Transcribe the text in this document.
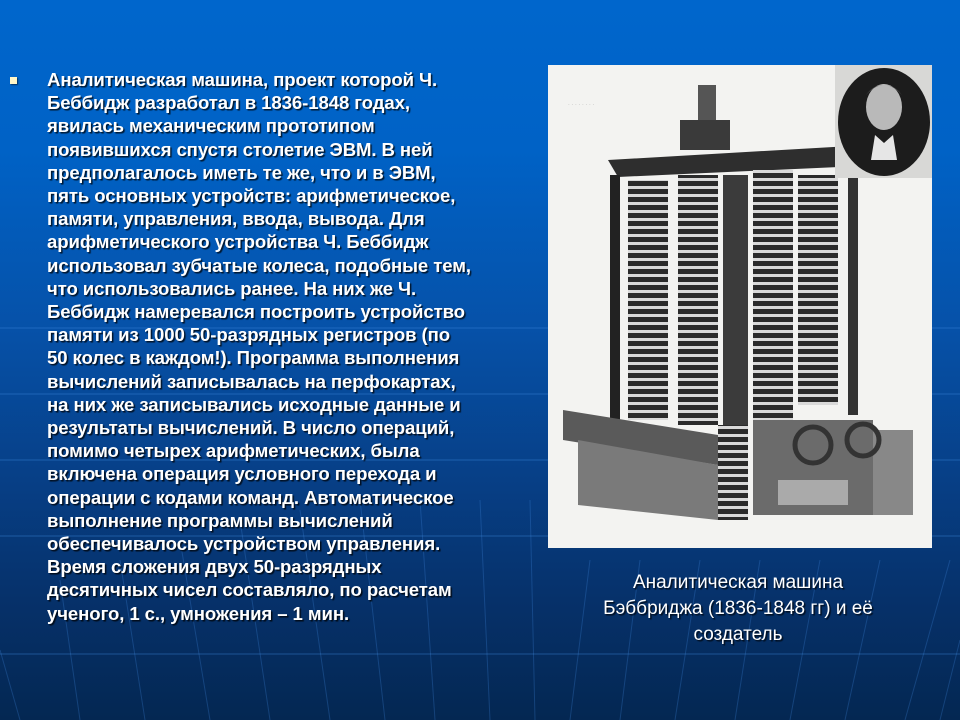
Аналитическая машина, проект которой Ч.
Беббидж разработал в 1836-1848 годах,
явилась механическим прототипом
появившихся спустя столетие ЭВМ. В ней
предполагалось иметь те же, что и в ЭВМ,
пять основных устройств: арифметическое,
памяти, управления, ввода, вывода. Для
арифметического устройства Ч. Беббидж
использовал зубчатые колеса, подобные тем,
что использовались ранее. На них же Ч.
Беббидж намеревался построить устройство
памяти из 1000 50-разрядных регистров (по
50 колес в каждом!). Программа выполнения
вычислений записывалась на перфокартах,
на них же записывались исходные данные и
результаты вычислений. В число операций,
помимо четырех арифметических, была
включена операция условного перехода и
операции с кодами команд. Автоматическое
выполнение программы вычислений
обеспечивалось устройством управления.
Время сложения двух 50-разрядных
десятичных чисел составляло, по расчетам
ученого, 1 с., умножения – 1 мин.
. . . . . . . .
Аналитическая машина
Бэббриджа (1836-1848 гг) и её
создатель
